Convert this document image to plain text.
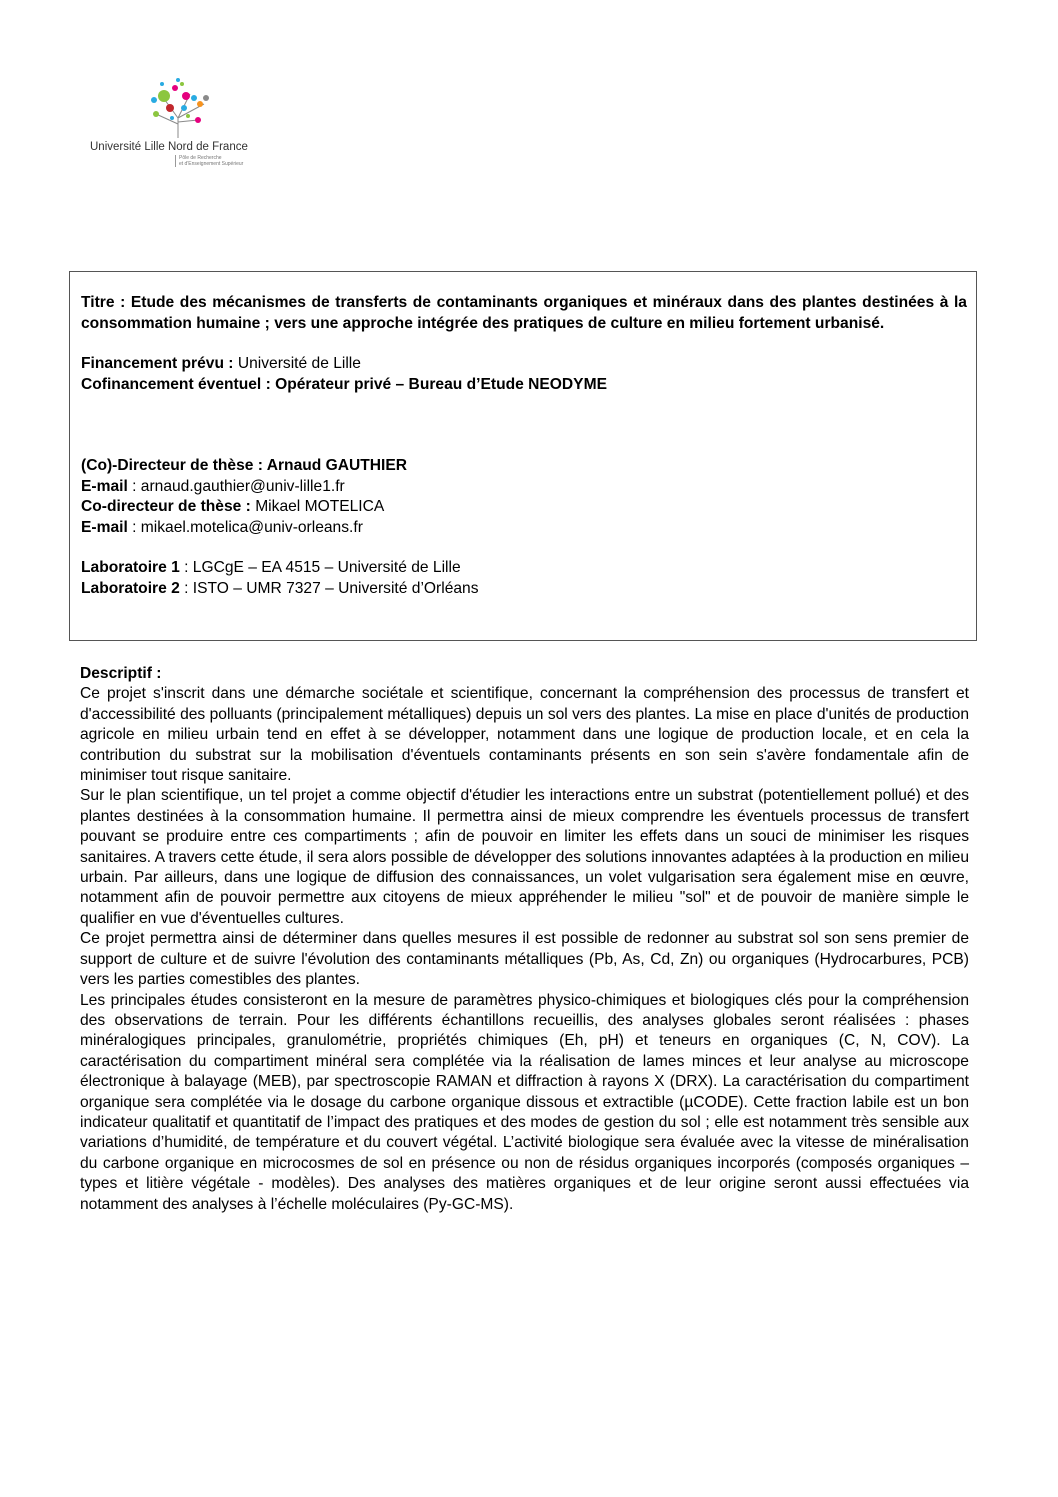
Université Lille Nord de France
Pôle de Recherche
et d'Enseignement Supérieur
Titre : Etude des mécanismes de transferts de contaminants organiques et minéraux dans des plantes destinées à la consommation humaine ; vers une approche intégrée des pratiques de culture en milieu fortement urbanisé.
Financement prévu : Université de Lille
Cofinancement éventuel : Opérateur privé – Bureau d’Etude NEODYME
(Co)-Directeur de thèse : Arnaud GAUTHIER
E-mail : arnaud.gauthier@univ-lille1.fr
Co-directeur de thèse : Mikael MOTELICA
E-mail : mikael.motelica@univ-orleans.fr
Laboratoire 1 : LGCgE – EA 4515 – Université de Lille
Laboratoire 2 : ISTO – UMR 7327 – Université d’Orléans

Descriptif :

Ce projet s'inscrit dans une démarche sociétale et scientifique, concernant la compréhension des processus de transfert et d'accessibilité des polluants (principalement métalliques) depuis un sol vers des plantes. La mise en place d'unités de production agricole en milieu urbain tend en effet à se développer, notamment dans une logique de production locale, et en cela la contribution du substrat sur la mobilisation d'éventuels contaminants présents en son sein s'avère fondamentale afin de minimiser tout risque sanitaire.

Sur le plan scientifique, un tel projet a comme objectif d'étudier les interactions entre un substrat (potentiellement pollué) et des plantes destinées à la consommation humaine. Il permettra ainsi de mieux comprendre les éventuels processus de transfert pouvant se produire entre ces compartiments ; afin de pouvoir en limiter les effets dans un souci de minimiser les risques sanitaires. A travers cette étude, il sera alors possible de développer des solutions innovantes adaptées à la production en milieu urbain. Par ailleurs, dans une logique de diffusion des connaissances, un volet vulgarisation sera également mise en œuvre, notamment afin de pouvoir permettre aux citoyens de mieux appréhender le milieu "sol" et de pouvoir de manière simple le qualifier en vue d'éventuelles cultures.

Ce projet permettra ainsi de déterminer dans quelles mesures il est possible de redonner au substrat sol son sens premier de support de culture et de suivre l'évolution des contaminants métalliques (Pb, As, Cd, Zn) ou organiques (Hydrocarbures, PCB) vers les parties comestibles des plantes.

Les principales études consisteront en la mesure de paramètres physico-chimiques et biologiques clés pour la compréhension des observations de terrain. Pour les différents échantillons recueillis, des analyses globales seront réalisées : phases minéralogiques principales, granulométrie, propriétés chimiques (Eh, pH) et teneurs en organiques (C, N, COV). La caractérisation du compartiment minéral sera complétée via la réalisation de lames minces et leur analyse au microscope électronique à balayage (MEB), par spectroscopie RAMAN et diffraction à rayons X (DRX). La caractérisation du compartiment organique sera complétée via le dosage du carbone organique dissous et extractible (µCODE). Cette fraction labile est un bon indicateur qualitatif et quantitatif de l’impact des pratiques et des modes de gestion du sol ; elle est notamment très sensible aux variations d’humidité, de température et du couvert végétal. L’activité biologique sera évaluée avec la vitesse de minéralisation du carbone organique en microcosmes de sol en présence ou non de résidus organiques incorporés (composés organiques – types et litière végétale - modèles). Des analyses des matières organiques et de leur origine seront aussi effectuées via notamment des analyses à l’échelle moléculaires (Py-GC-MS).
